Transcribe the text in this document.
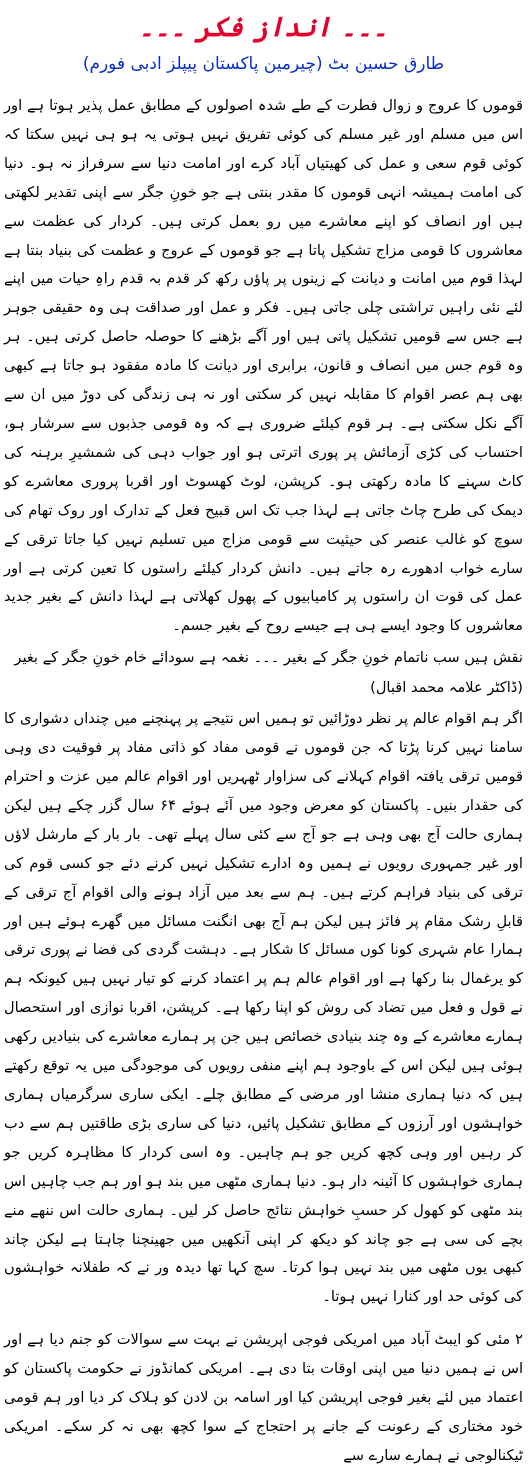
۔۔۔ انداز فکر ۔۔۔
طارق حسین بٹ (چیرمین پاکستان پیپلز ادبی فورم)

قوموں کا عروج و زوال فطرت کے طے شدہ اصولوں کے مطابق عمل پذیر ہوتا ہے اور اس میں مسلم اور غیر مسلم کی کوئی تفریق نہیں ہوتی یہ ہو ہی نہیں سکتا کہ کوئی قوم سعی و عمل کی کھیتیاں آباد کرے اور امامت دنیا سے سرفراز نہ ہو۔ دنیا کی امامت ہمیشہ انہی قوموں کا مقدر بنتی ہے جو خونِ جگر سے اپنی تقدیر لکھتی ہیں اور انصاف کو اپنے معاشرے میں رو بعمل کرتی ہیں۔ کردار کی عظمت سے معاشروں کا قومی مزاج تشکیل پاتا ہے جو قوموں کے عروج و عظمت کی بنیاد بنتا ہے لہذا قوم میں امانت و دیانت کے زینوں پر پاؤں رکھ کر قدم بہ قدم راہِ حیات میں اپنے لئے نئی راہیں تراشتی چلی جاتی ہیں۔ فکر و عمل اور صداقت ہی وہ حقیقی جوہر ہے جس سے قومیں تشکیل پاتی ہیں اور آگے بڑھنے کا حوصلہ حاصل کرتی ہیں۔ ہر وہ قوم جس میں انصاف و قانون، برابری اور دیانت کا مادہ مفقود ہو جاتا ہے کبھی بھی ہم عصر اقوام کا مقابلہ نہیں کر سکتی اور نہ ہی زندگی کی دوڑ میں ان سے آگے نکل سکتی ہے۔ ہر قوم کیلئے ضروری ہے کہ وہ قومی جذبوں سے سرشار ہو، احتساب کی کڑی آزمائش پر پوری اترتی ہو اور جواب دہی کی شمشیرِ برہنہ کی کاٹ سہنے کا مادہ رکھتی ہو۔ کرپشن، لوٹ کھسوٹ اور اقربا پروری معاشرے کو دیمک کی طرح چاٹ جاتی ہے لہذا جب تک اس قبیح فعل کے تدارک اور روک تھام کی سوچ کو غالب عنصر کی حیثیت سے قومی مزاج میں تسلیم نہیں کیا جاتا ترقی کے سارے خواب ادھورے رہ جاتے ہیں۔ دانش کردار کیلئے راستوں کا تعین کرتی ہے اور عمل کی قوت ان راستوں پر کامیابیوں کے پھول کھلاتی ہے لہذا دانش کے بغیر جدید معاشروں کا وجود ایسے ہی ہے جیسے روح کے بغیر جسم۔

نقش ہیں سب ناتمام خونِ جگر کے بغیر ۔۔۔ نغمہ ہے سودائے خام خونِ جگر کے بغیر (ڈاکٹر علامہ محمد اقبال)

اگر ہم اقوام عالم پر نظر دوڑائیں تو ہمیں اس نتیجے پر پہنچنے میں چنداں دشواری کا سامنا نہیں کرنا پڑتا کہ جن قوموں نے قومی مفاد کو ذاتی مفاد پر فوقیت دی وہی قومیں ترقی یافتہ اقوام کہلانے کی سزاوار ٹھہریں اور اقوام عالم میں عزت و احترام کی حقدار بنیں۔ پاکستان کو معرض وجود میں آئے ہوئے ۶۴ سال گزر چکے ہیں لیکن ہماری حالت آج بھی وہی ہے جو آج سے کئی سال پہلے تھی۔ بار بار کے مارشل لاؤں اور غیر جمہوری رویوں نے ہمیں وہ ادارے تشکیل نہیں کرنے دئے جو کسی قوم کی ترقی کی بنیاد فراہم کرتے ہیں۔ ہم سے بعد میں آزاد ہونے والی اقوام آج ترقی کے قابلِ رشک مقام پر فائز ہیں لیکن ہم آج بھی انگنت مسائل میں گھرے ہوئے ہیں اور ہمارا عام شہری کونا کوں مسائل کا شکار ہے۔ دہشت گردی کی فضا نے پوری ترقی کو یرغمال بنا رکھا ہے اور اقوام عالم ہم پر اعتماد کرنے کو تیار نہیں ہیں کیونکہ ہم نے قول و فعل میں تضاد کی روش کو اپنا رکھا ہے۔ کرپشن، اقربا نوازی اور استحصال ہمارے معاشرے کے وہ چند بنیادی خصائص ہیں جن پر ہمارے معاشرے کی بنیادیں رکھی ہوئی ہیں لیکن اس کے باوجود ہم اپنے منفی رویوں کی موجودگی میں یہ توقع رکھتے ہیں کہ دنیا ہماری منشا اور مرضی کے مطابق چلے۔ ایکی ساری سرگرمیاں ہماری خواہشوں اور آرزوں کے مطابق تشکیل پائیں، دنیا کی ساری بڑی طاقتیں ہم سے دب کر رہیں اور وہی کچھ کریں جو ہم چاہیں۔ وہ اسی کردار کا مظاہرہ کریں جو ہماری خواہشوں کا آئینہ دار ہو۔ دنیا ہماری مٹھی میں بند ہو اور ہم جب چاہیں اس بند مٹھی کو کھول کر حسبِ خواہش نتائج حاصل کر لیں۔ ہماری حالت اس ننھے منے بچے کی سی ہے جو چاند کو دیکھ کر اپنی آنکھیں میں جھینچنا چاہتا ہے لیکن چاند کبھی یوں مٹھی میں بند نہیں ہوا کرتا۔ سچ کہا تھا دیدہ ور نے کہ طفلانہ خواہشوں کی کوئی حد اور کنارا نہیں ہوتا۔

۲ مئی کو ایبٹ آباد میں امریکی فوجی اپریشن نے بہت سے سوالات کو جنم دیا ہے اور اس نے ہمیں دنیا میں اپنی اوقات بتا دی ہے۔ امریکی کمانڈوز نے حکومت پاکستان کو اعتماد میں لئے بغیر فوجی اپریشن کیا اور اسامہ بن لادن کو ہلاک کر دیا اور ہم قومی خود مختاری کے رعونت کے جانے پر احتجاج کے سوا کچھ بھی نہ کر سکے۔ امریکی ٹیکنالوجی نے ہمارے سارے سے
